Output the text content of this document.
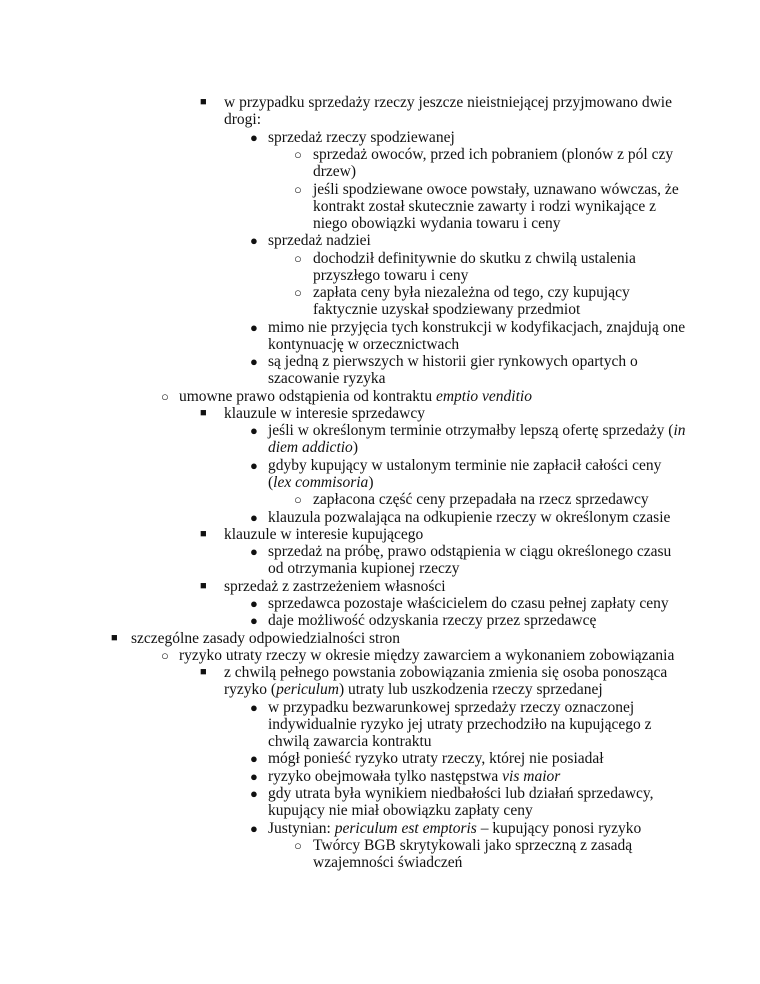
■ w przypadku sprzedaży rzeczy jeszcze nieistniejącej przyjmowano dwie
drogi:
● sprzedaż rzeczy spodziewanej
○ sprzedaż owoców, przed ich pobraniem (plonów z pól czy
drzew)
○ jeśli spodziewane owoce powstały, uznawano wówczas, że
kontrakt został skutecznie zawarty i rodzi wynikające z
niego obowiązki wydania towaru i ceny
● sprzedaż nadziei
○ dochodził definitywnie do skutku z chwilą ustalenia
przyszłego towaru i ceny
○ zapłata ceny była niezależna od tego, czy kupujący
faktycznie uzyskał spodziewany przedmiot
● mimo nie przyjęcia tych konstrukcji w kodyfikacjach, znajdują one
kontynuację w orzecznictwach
● są jedną z pierwszych w historii gier rynkowych opartych o
szacowanie ryzyka
○ umowne prawo odstąpienia od kontraktu emptio venditio
■ klauzule w interesie sprzedawcy
● jeśli w określonym terminie otrzymałby lepszą ofertę sprzedaży (in
diem addictio)
● gdyby kupujący w ustalonym terminie nie zapłacił całości ceny
(lex commisoria)
○ zapłacona część ceny przepadała na rzecz sprzedawcy
● klauzula pozwalająca na odkupienie rzeczy w określonym czasie
■ klauzule w interesie kupującego
● sprzedaż na próbę, prawo odstąpienia w ciągu określonego czasu
od otrzymania kupionej rzeczy
■ sprzedaż z zastrzeżeniem własności
● sprzedawca pozostaje właścicielem do czasu pełnej zapłaty ceny
● daje możliwość odzyskania rzeczy przez sprzedawcę
■ szczególne zasady odpowiedzialności stron
○ ryzyko utraty rzeczy w okresie między zawarciem a wykonaniem zobowiązania
■ z chwilą pełnego powstania zobowiązania zmienia się osoba ponosząca
ryzyko (periculum) utraty lub uszkodzenia rzeczy sprzedanej
● w przypadku bezwarunkowej sprzedaży rzeczy oznaczonej
indywidualnie ryzyko jej utraty przechodziło na kupującego z
chwilą zawarcia kontraktu
● mógł ponieść ryzyko utraty rzeczy, której nie posiadał
● ryzyko obejmowała tylko następstwa vis maior
● gdy utrata była wynikiem niedbałości lub działań sprzedawcy,
kupujący nie miał obowiązku zapłaty ceny
● Justynian: periculum est emptoris – kupujący ponosi ryzyko
○ Twórcy BGB skrytykowali jako sprzeczną z zasadą
wzajemności świadczeń
